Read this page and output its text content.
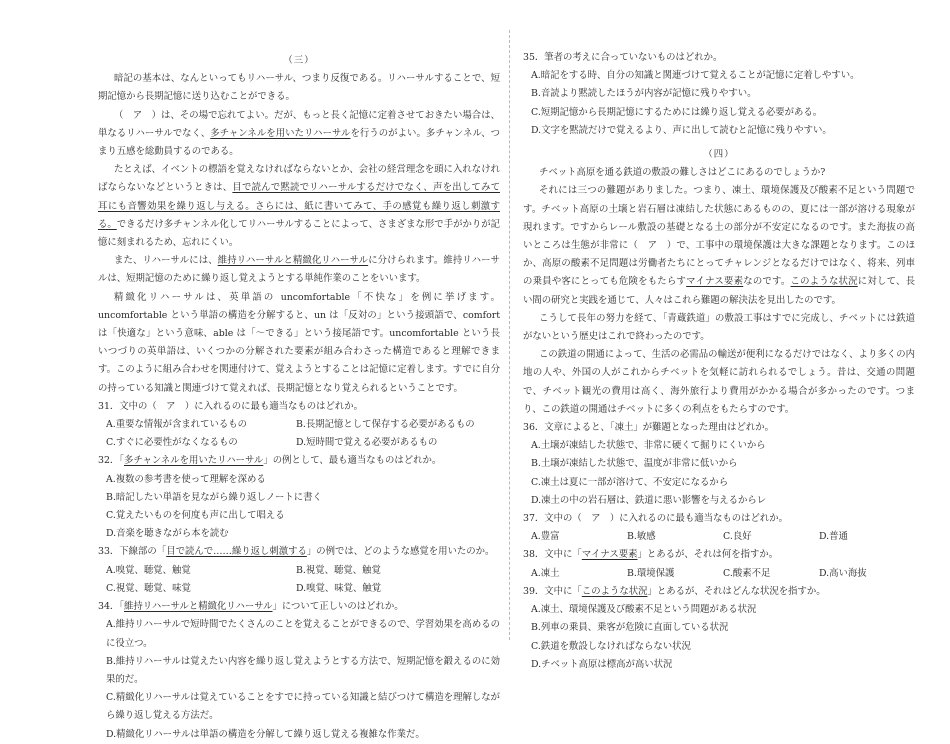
（三）

暗記の基本は、なんといってもリハーサル、つまり反復である。リハーサルすることで、短期記憶から長期記憶に送り込むことができる。

（　ア　）は、その場で忘れてよい。だが、もっと長く記憶に定着させておきたい場合は、単なるリハーサルでなく、多チャンネルを用いたリハーサルを行うのがよい。多チャンネル、つまり五感を総動員するのである。

たとえば、イベントの標語を覚えなければならないとか、会社の経営理念を頭に入れなければならないなどというときは、目で読んで黙読でリハーサルするだけでなく、声を出してみて耳にも音響効果を繰り返し与える。さらには、紙に書いてみて、手の感覚も繰り返し刺激する。できるだけ多チャンネル化してリハーサルすることによって、さまざまな形で手がかりが記憶に刻まれるため、忘れにくい。

また、リハーサルには、維持リハーサルと精緻化リハーサルに分けられます。維持リハーサルは、短期記憶のために繰り返し覚えようとする単純作業のことをいいます。

精緻化リハーサルは、英単語の uncomfortable「不快な」を例に挙げます。uncomfortable という単語の構造を分解すると、un は「反対の」という接頭語で、comfort は「快適な」という意味、able は「～できる」という接尾語です。uncomfortable という長いつづりの英単語は、いくつかの分解された要素が組み合わさった構造であると理解できます。このように組み合わせを関連付けて、覚えようとすることは記憶に定着します。すでに自分の持っている知識と関連づけて覚えれば、長期記憶となり覚えられるということです。

31．文中の（　ア　）に入れるのに最も適当なものはどれか。

A.重要な情報が含まれているもの	B.長期記憶として保存する必要があるもの
C.すぐに必要性がなくなるもの	D.短時間で覚える必要があるもの

32．「多チャンネルを用いたリハーサル」の例として、最も適当なものはどれか。

A.複数の参考書を使って理解を深める

B.暗記したい単語を見ながら繰り返しノートに書く

C.覚えたいものを何度も声に出して唱える

D.音楽を聴きながら本を読む

33．下線部の「目で読んで……繰り返し刺激する」の例では、どのような感覚を用いたのか。

A.嗅覚、聴覚、触覚	B.視覚、聴覚、触覚
C.視覚、聴覚、味覚	D.嗅覚、味覚、触覚

34．「維持リハーサルと精緻化リハーサル」について正しいのはどれか。

A.維持リハーサルで短時間でたくさんのことを覚えることができるので、学習効果を高めるのに役立つ。

B.維持リハーサルは覚えたい内容を繰り返し覚えようとする方法で、短期記憶を鍛えるのに効果的だ。

C.精緻化リハーサルは覚えていることをすでに持っている知識と結びつけて構造を理解しながら繰り返し覚える方法だ。

D.精緻化リハーサルは単語の構造を分解して繰り返し覚える複雑な作業だ。

35．筆者の考えに合っていないものはどれか。

A.暗記をする時、自分の知識と関連づけて覚えることが記憶に定着しやすい。

B.音読より黙読したほうが内容が記憶に残りやすい。

C.短期記憶から長期記憶にするためには繰り返し覚える必要がある。

D.文字を黙読だけで覚えるより、声に出して読むと記憶に残りやすい。

（四）

チベット高原を通る鉄道の敷設の難しさはどこにあるのでしょうか?

それには三つの難題がありました。つまり、凍土、環境保護及び酸素不足という問題です。チベット高原の土壌と岩石層は凍結した状態にあるものの、夏には一部が溶ける現象が現れます。ですからレール敷設の基礎となる土の部分が不安定になるのです。また海抜の高いところは生態が非常に（　ア　）で、工事中の環境保護は大きな課題となります。このほか、高原の酸素不足問題は労働者たちにとってチャレンジとなるだけではなく、将来、列車の乗員や客にとっても危険をもたらすマイナス要素なのです。このような状況に対して、長い間の研究と実践を通じて、人々はこれら難題の解決法を見出したのです。

こうして長年の努力を経て、「青蔵鉄道」の敷設工事はすでに完成し、チベットには鉄道がないという歴史はこれで終わったのです。

この鉄道の開通によって、生活の必需品の輸送が便利になるだけではなく、より多くの内地の人や、外国の人がこれからチベットを気軽に訪れられるでしょう。昔は、交通の問題で、チベット観光の費用は高く、海外旅行より費用がかかる場合が多かったのです。つまり、この鉄道の開通はチベットに多くの利点をもたらすのです。

36．文章によると、「凍土」が難題となった理由はどれか。

A.土壌が凍結した状態で、非常に硬くて掘りにくいから

B.土壌が凍結した状態で、温度が非常に低いから

C.凍土は夏に一部が溶けて、不安定になるから

D.凍土の中の岩石層は、鉄道に悪い影響を与えるからレ

37．文中の（　ア　）に入れるのに最も適当なものはどれか。

A.豊富	B.敏感	C.良好	D.普通

38．文中に「マイナス要素」とあるが、それは何を指すか。

A.凍土	B.環境保護	C.酸素不足	D.高い海抜

39．文中に「このような状況」とあるが、それはどんな状況を指すか。

A.凍土、環境保護及び酸素不足という問題がある状況

B.列車の乗員、乗客が危険に直面している状況

C.鉄道を敷設しなければならない状況

D.チベット高原は標高が高い状況
